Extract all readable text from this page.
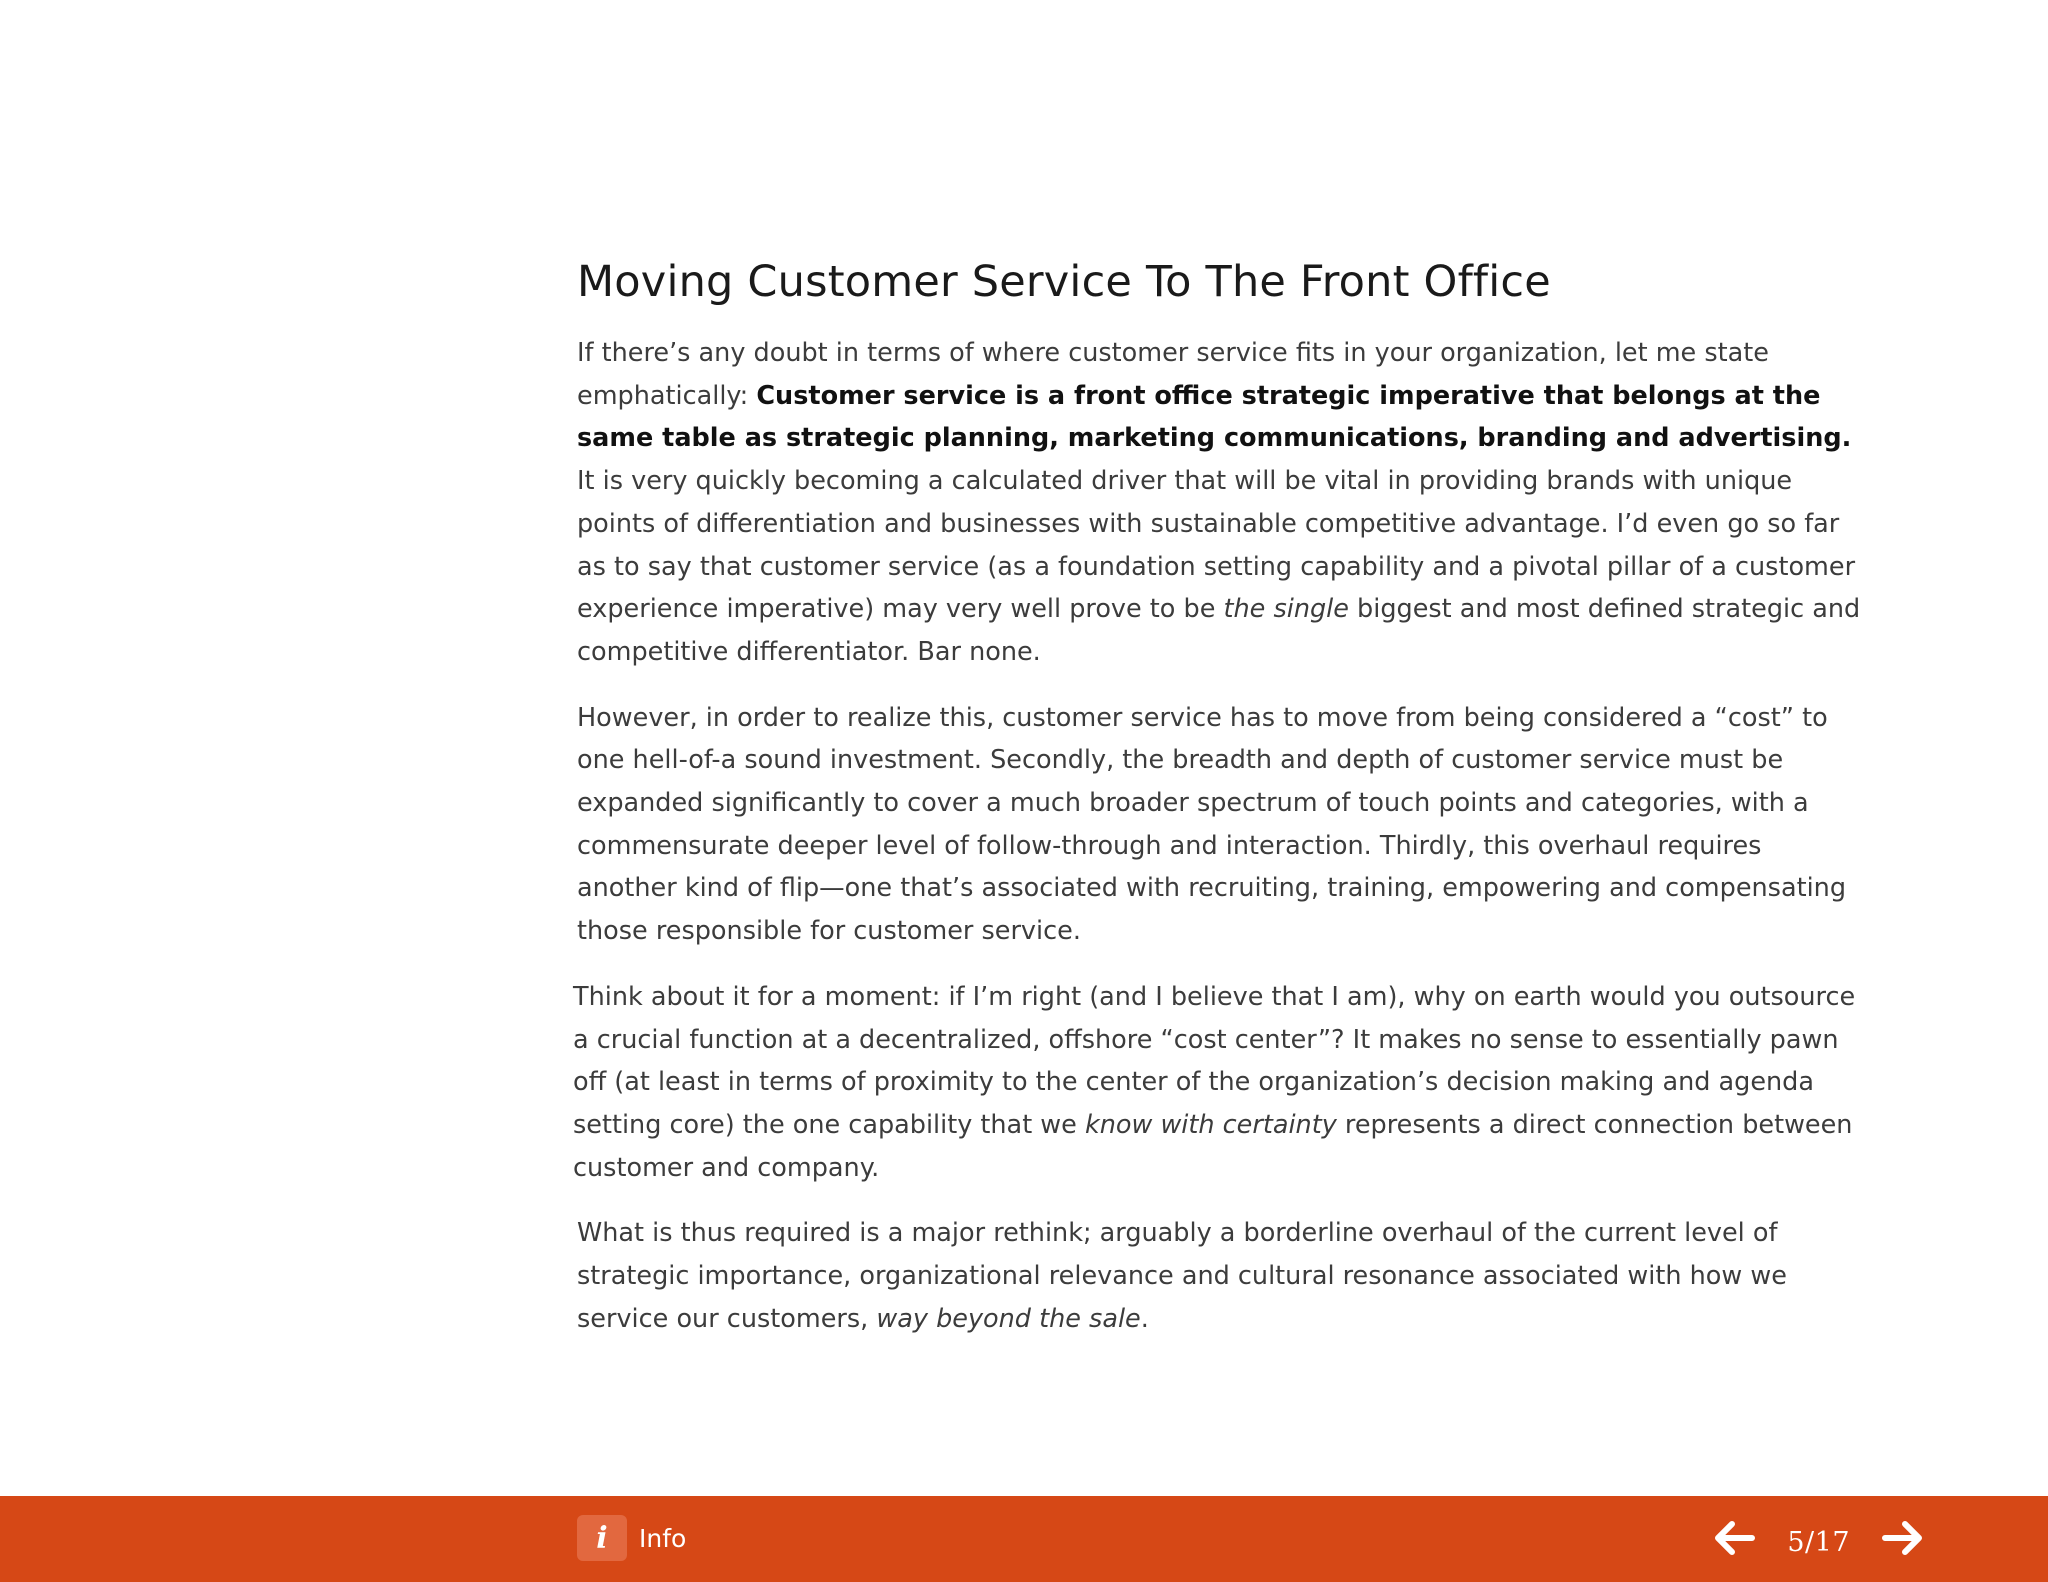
Moving Customer Service To The Front Office

If there’s any doubt in terms of where customer service fits in your organization, let me state emphatically: Customer service is a front office strategic imperative that belongs at the same table as strategic planning, marketing communications, branding and advertising. It is very quickly becoming a calculated driver that will be vital in providing brands with unique points of differentiation and businesses with sustainable competitive advantage. I’d even go so far as to say that customer service (as a foundation setting capability and a pivotal pillar of a customer experience imperative) may very well prove to be the single biggest and most defined strategic and competitive differentiator. Bar none.

However, in order to realize this, customer service has to move from being considered a “cost” to one hell-of-a sound investment. Secondly, the breadth and depth of customer service must be expanded significantly to cover a much broader spectrum of touch points and categories, with a commensurate deeper level of follow-through and interaction. Thirdly, this overhaul requires another kind of flip—one that’s associated with recruiting, training, empowering and compensating those responsible for customer service.

Think about it for a moment: if I’m right (and I believe that I am), why on earth would you outsource a crucial function at a decentralized, offshore “cost center”? It makes no sense to essentially pawn off (at least in terms of proximity to the center of the organization’s decision making and agenda setting core) the one capability that we know with certainty represents a direct connection between customer and company.

What is thus required is a major rethink; arguably a borderline overhaul of the current level of strategic importance, organizational relevance and cultural resonance associated with how we service our customers, way beyond the sale.

i	Info	5/17
